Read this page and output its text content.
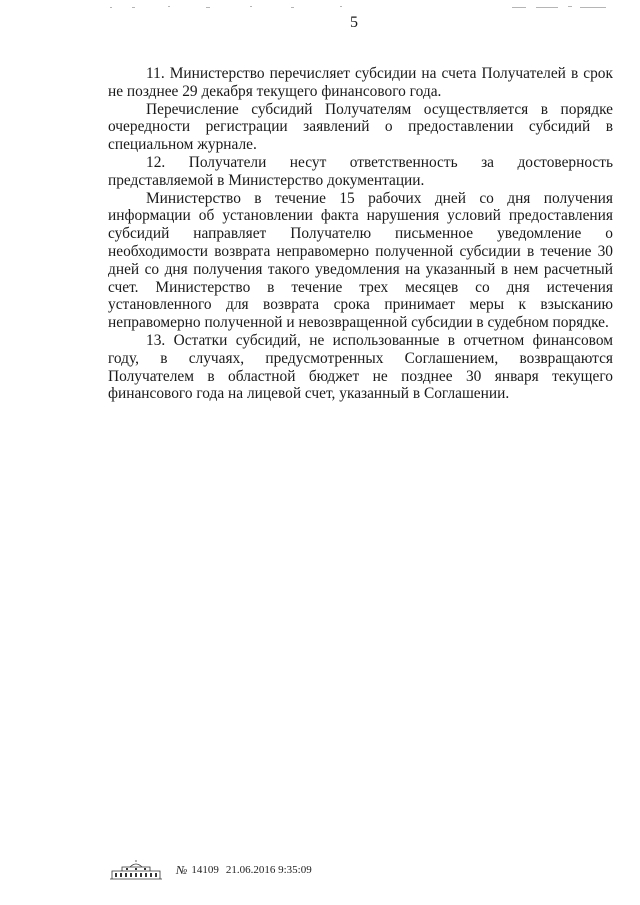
5

11. Министерство перечисляет субсидии на счета Получателей в срок не позднее 29 декабря текущего финансового года.

Перечисление субсидий Получателям осуществляется в порядке очередности регистрации заявлений о предоставлении субсидий в специальном журнале.

12. Получатели несут ответственность за достоверность представляемой в Министерство документации.

Министерство в течение 15 рабочих дней со дня получения информации об установлении факта нарушения условий предоставления субсидий направляет Получателю письменное уведомление о необходимости возврата неправомерно полученной субсидии в течение 30 дней со дня получения такого уведомления на указанный в нем расчетный счет. Министерство в течение трех месяцев со дня истечения установленного для возврата срока принимает меры к взысканию неправомерно полученной и невозвращенной субсидии в судебном порядке.

13. Остатки субсидий, не использованные в отчетном финансовом году, в случаях, предусмотренных Соглашением, возвращаются Получателем в областной бюджет не позднее 30 января текущего финансового года на лицевой счет, указанный в Соглашении.

№ 14109 21.06.2016 9:35:09
